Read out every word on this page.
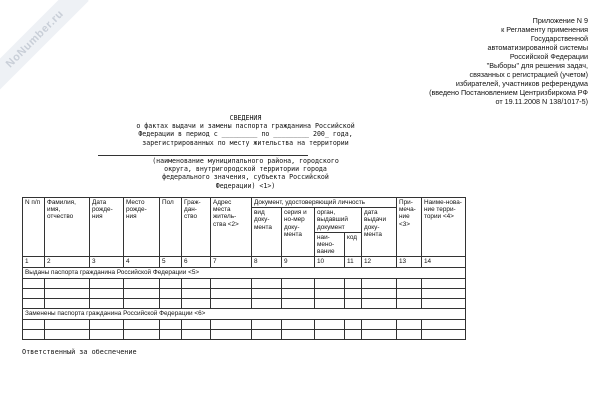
NoNumber.ru	Приложение N 9
к Регламенту применения
Государственной
автоматизированной системы
Российской Федерации
"Выборы" для решения задач,
связанных с регистрацией (учетом)
избирателей, участников референдума
(введено Постановлением Центризбиркома РФ
от 19.11.2008 N 138/1017-5)
СВЕДЕНИЯ
о фактах выдачи и замены паспорта гражданина Российской
Федерации в период с _________ по _________ 200_ года,
зарегистрированных по месту жительства на территории
(наименование муниципального района, городского
округа, внутригородской территории города
федерального значения, субъекта Российской
Федерации) <1>)
N п/п	Фамилия, имя, отчество	Дата рожде-ния	Место рожде-ния	Пол	Граж-дан-ство	Адрес места житель-ства <2>	Документ, удостоверяющий личность					При-меча-ние <3>	Наиме-нова-ние терри-тории <4>
							вид доку-мента	серия и но-мер доку-мента	орган, выдавший документ		дата выдачи доку-мента		
									наи-мено-вание	код			
1	2	3	4	5	6	7	8	9	10	11	12	13	14
Выданы паспорта гражданина Российской Федерации <5>													

Заменены паспорта гражданина Российской Федерации <6>													

Ответственный за обеспечение
